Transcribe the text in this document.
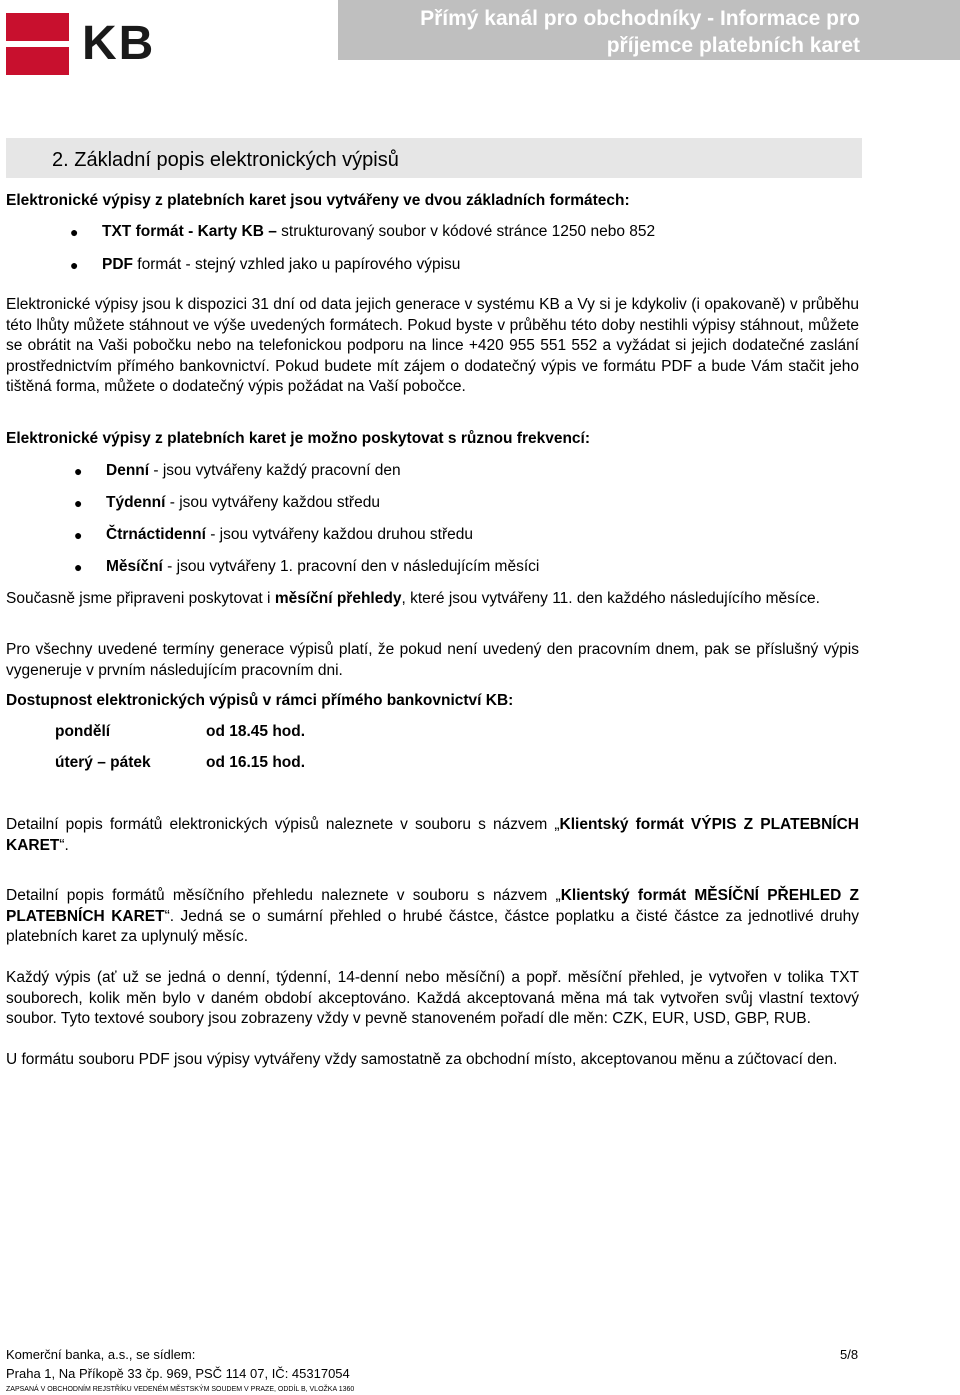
KB	Přímý kanál pro obchodníky - Informace pro
příjemce platebních karet
2. Základní popis elektronických výpisů
Elektronické výpisy z platebních karet jsou vytvářeny ve dvou základních formátech:
● TXT formát - Karty KB – strukturovaný soubor v kódové stránce 1250 nebo 852
● PDF formát - stejný vzhled jako u papírového výpisu
Elektronické výpisy jsou k dispozici 31 dní od data jejich generace v systému KB a Vy si je kdykoliv (i opakovaně) v průběhu této lhůty můžete stáhnout ve výše uvedených formátech. Pokud byste v průběhu této doby nestihli výpisy stáhnout, můžete se obrátit na Vaši pobočku nebo na telefonickou podporu na lince +420 955 551 552 a vyžádat si jejich dodatečné zaslání prostřednictvím přímého bankovnictví. Pokud budete mít zájem o dodatečný výpis ve formátu PDF a bude Vám stačit jeho tištěná forma, můžete o dodatečný výpis požádat na Vaší pobočce.
Elektronické výpisy z platebních karet je možno poskytovat s různou frekvencí:
● Denní - jsou vytvářeny každý pracovní den
● Týdenní - jsou vytvářeny každou středu
● Čtrnáctidenní - jsou vytvářeny každou druhou středu
● Měsíční - jsou vytvářeny 1. pracovní den v následujícím měsíci
Současně jsme připraveni poskytovat i měsíční přehledy, které jsou vytvářeny 11. den každého následujícího měsíce.
Pro všechny uvedené termíny generace výpisů platí, že pokud není uvedený den pracovním dnem, pak se příslušný výpis vygeneruje v prvním následujícím pracovním dni.
Dostupnost elektronických výpisů v rámci přímého bankovnictví KB:
pondělí	od 18.45 hod.
úterý – pátek	od 16.15 hod.
Detailní popis formátů elektronických výpisů naleznete v souboru s názvem „Klientský formát VÝPIS Z PLATEBNÍCH KARET“.
Detailní popis formátů měsíčního přehledu naleznete v souboru s názvem „Klientský formát MĚSÍČNÍ PŘEHLED Z PLATEBNÍCH KARET“. Jedná se o sumární přehled o hrubé částce, částce poplatku a čisté částce za jednotlivé druhy platebních karet za uplynulý měsíc.
Každý výpis (ať už se jedná o denní, týdenní, 14-denní nebo měsíční) a popř. měsíční přehled, je vytvořen v tolika TXT souborech, kolik měn bylo v daném období akceptováno. Každá akceptovaná měna má tak vytvořen svůj vlastní textový soubor. Tyto textové soubory jsou zobrazeny vždy v pevně stanoveném pořadí dle měn: CZK, EUR, USD, GBP, RUB.
U formátu souboru PDF jsou výpisy vytvářeny vždy samostatně za obchodní místo, akceptovanou měnu a zúčtovací den.
Komerční banka, a.s., se sídlem:
Praha 1, Na Příkopě 33 čp. 969, PSČ 114 07, IČ: 45317054
5/8
ZAPSANÁ V OBCHODNÍM REJSTŘÍKU VEDENÉM MĚSTSKÝM SOUDEM V PRAZE, ODDÍL B, VLOŽKA 1360
